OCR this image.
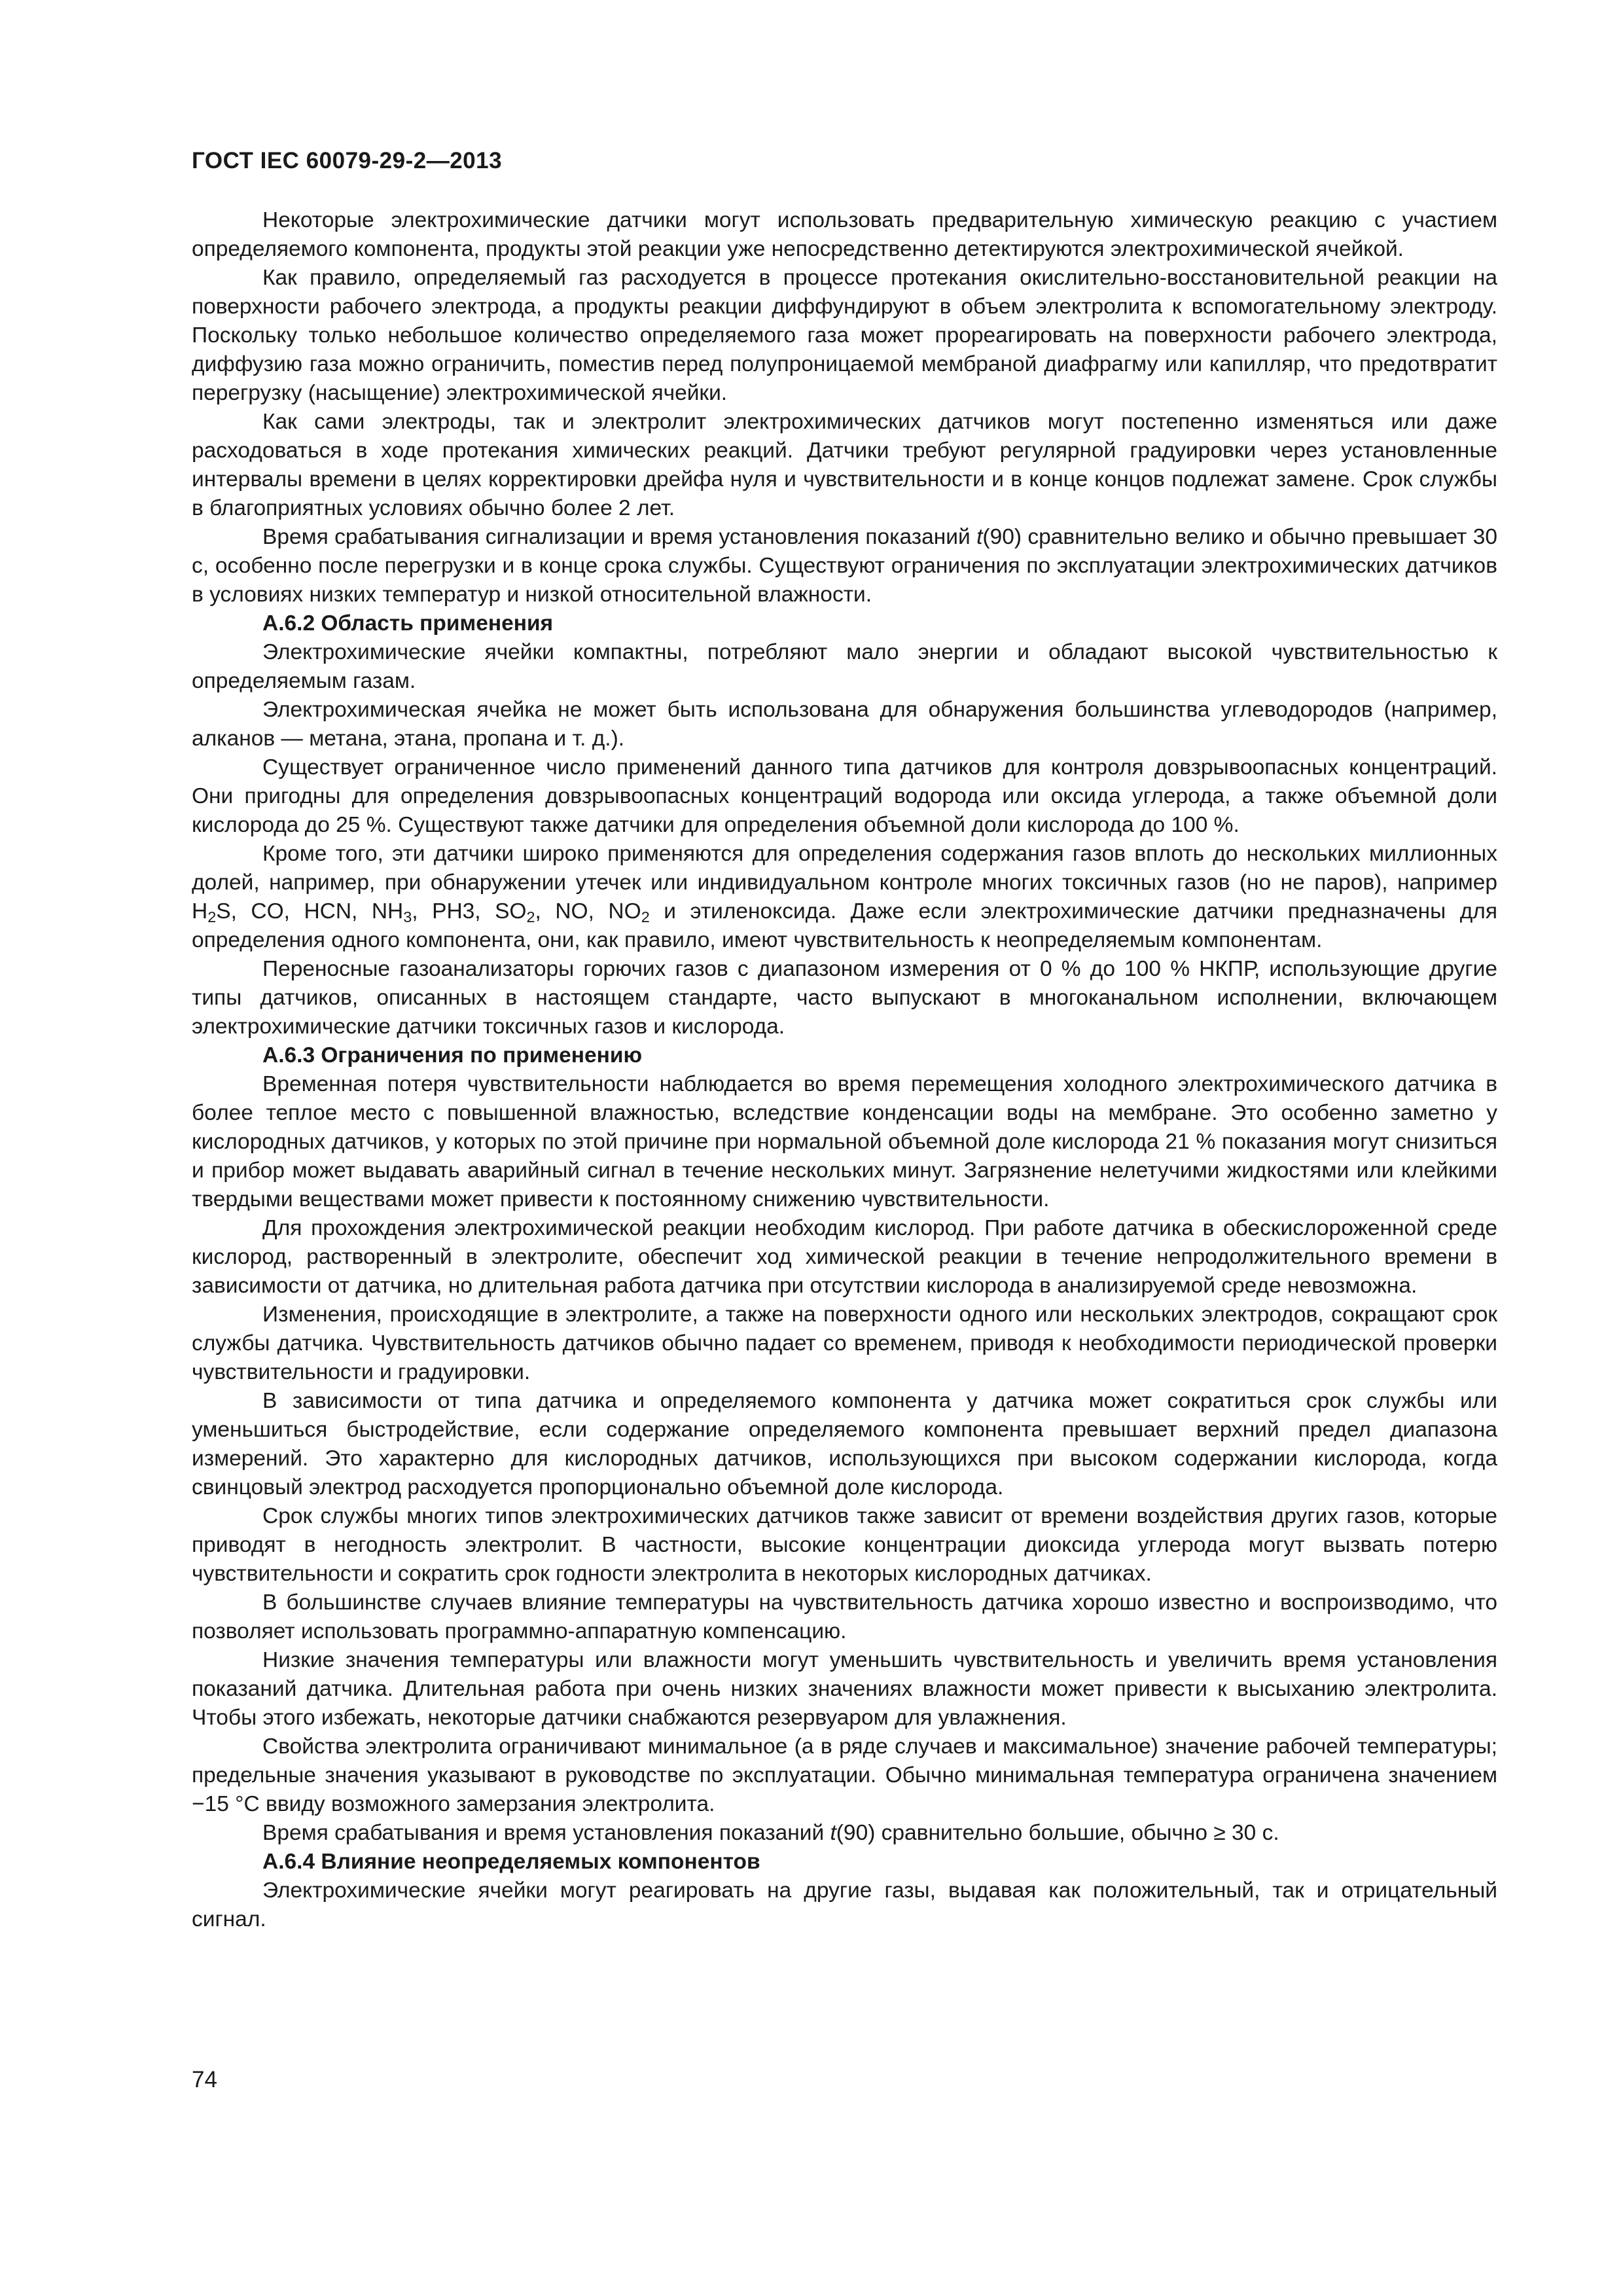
ГОСТ IEC 60079-29-2—2013

Некоторые электрохимические датчики могут использовать предварительную химическую реакцию с участием определяемого компонента, продукты этой реакции уже непосредственно детектируются электрохимической ячейкой.

Как правило, определяемый газ расходуется в процессе протекания окислительно-восстановительной реакции на поверхности рабочего электрода, а продукты реакции диффундируют в объем электролита к вспомогательному электроду. Поскольку только небольшое количество определяемого газа может прореагировать на поверхности рабочего электрода, диффузию газа можно ограничить, поместив перед полупроницаемой мембраной диафрагму или капилляр, что предотвратит перегрузку (насыщение) электрохимической ячейки.

Как сами электроды, так и электролит электрохимических датчиков могут постепенно изменяться или даже расходоваться в ходе протекания химических реакций. Датчики требуют регулярной градуировки через установленные интервалы времени в целях корректировки дрейфа нуля и чувствительности и в конце концов подлежат замене. Срок службы в благоприятных условиях обычно более 2 лет.

Время срабатывания сигнализации и время установления показаний t(90) сравнительно велико и обычно превышает 30 с, особенно после перегрузки и в конце срока службы. Существуют ограничения по эксплуатации электрохимических датчиков в условиях низких температур и низкой относительной влажности.

А.6.2 Область применения

Электрохимические ячейки компактны, потребляют мало энергии и обладают высокой чувствительностью к определяемым газам.

Электрохимическая ячейка не может быть использована для обнаружения большинства углеводородов (например, алканов — метана, этана, пропана и т. д.).

Существует ограниченное число применений данного типа датчиков для контроля довзрывоопасных концентраций. Они пригодны для определения довзрывоопасных концентраций водорода или оксида углерода, а также объемной доли кислорода до 25 %. Существуют также датчики для определения объемной доли кислорода до 100 %.

Кроме того, эти датчики широко применяются для определения содержания газов вплоть до нескольких миллионных долей, например, при обнаружении утечек или индивидуальном контроле многих токсичных газов (но не паров), например $H_2S$, CO, HCN, $NH_3$, PH3, $SO_2$, NO, $NO_2$ и этиленоксида. Даже если электрохимические датчики предназначены для определения одного компонента, они, как правило, имеют чувствительность к неопределяемым компонентам.

Переносные газоанализаторы горючих газов с диапазоном измерения от 0 % до 100 % НКПР, использующие другие типы датчиков, описанных в настоящем стандарте, часто выпускают в многоканальном исполнении, включающем электрохимические датчики токсичных газов и кислорода.

А.6.3 Ограничения по применению

Временная потеря чувствительности наблюдается во время перемещения холодного электрохимического датчика в более теплое место с повышенной влажностью, вследствие конденсации воды на мембране. Это особенно заметно у кислородных датчиков, у которых по этой причине при нормальной объемной доле кислорода 21 % показания могут снизиться и прибор может выдавать аварийный сигнал в течение нескольких минут. Загрязнение нелетучими жидкостями или клейкими твердыми веществами может привести к постоянному снижению чувствительности.

Для прохождения электрохимической реакции необходим кислород. При работе датчика в обескислороженной среде кислород, растворенный в электролите, обеспечит ход химической реакции в течение непродолжительного времени в зависимости от датчика, но длительная работа датчика при отсутствии кислорода в анализируемой среде невозможна.

Изменения, происходящие в электролите, а также на поверхности одного или нескольких электродов, сокращают срок службы датчика. Чувствительность датчиков обычно падает со временем, приводя к необходимости периодической проверки чувствительности и градуировки.

В зависимости от типа датчика и определяемого компонента у датчика может сократиться срок службы или уменьшиться быстродействие, если содержание определяемого компонента превышает верхний предел диапазона измерений. Это характерно для кислородных датчиков, использующихся при высоком содержании кислорода, когда свинцовый электрод расходуется пропорционально объемной доле кислорода.

Срок службы многих типов электрохимических датчиков также зависит от времени воздействия других газов, которые приводят в негодность электролит. В частности, высокие концентрации диоксида углерода могут вызвать потерю чувствительности и сократить срок годности электролита в некоторых кислородных датчиках.

В большинстве случаев влияние температуры на чувствительность датчика хорошо известно и воспроизводимо, что позволяет использовать программно-аппаратную компенсацию.

Низкие значения температуры или влажности могут уменьшить чувствительность и увеличить время установления показаний датчика. Длительная работа при очень низких значениях влажности может привести к высыханию электролита. Чтобы этого избежать, некоторые датчики снабжаются резервуаром для увлажнения.

Свойства электролита ограничивают минимальное (а в ряде случаев и максимальное) значение рабочей температуры; предельные значения указывают в руководстве по эксплуатации. Обычно минимальная температура ограничена значением −15 °С ввиду возможного замерзания электролита.

Время срабатывания и время установления показаний t(90) сравнительно большие, обычно ≥ 30 с.

А.6.4 Влияние неопределяемых компонентов

Электрохимические ячейки могут реагировать на другие газы, выдавая как положительный, так и отрицательный сигнал.

74
